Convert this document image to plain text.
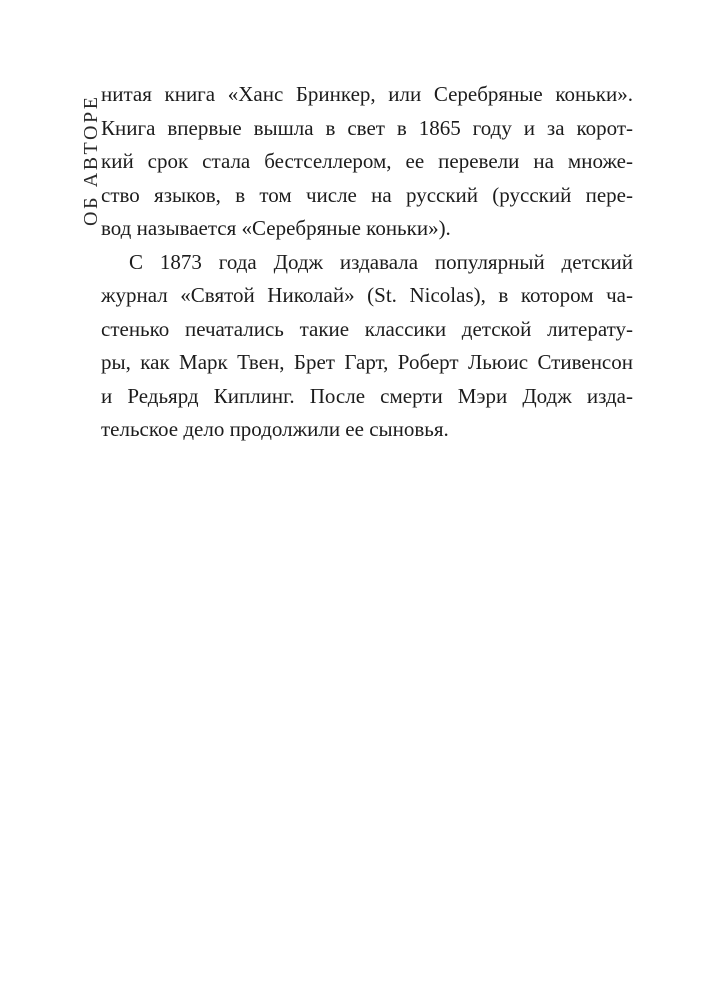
ОБ АВТОРЕ
нитая книга «Ханс Бринкер, или Серебряные коньки».
Книга впервые вышла в свет в 1865 году и за корот-
кий срок стала бестселлером, ее перевели на множе-
ство языков, в том числе на русский (русский пере-
вод называется «Серебряные коньки»).
С 1873 года Додж издавала популярный детский
журнал «Святой Николай» (St. Nicolas), в котором ча-
стенько печатались такие классики детской литерату-
ры, как Марк Твен, Брет Гарт, Роберт Льюис Стивенсон
и Редьярд Киплинг. После смерти Мэри Додж изда-
тельское дело продолжили ее сыновья.
